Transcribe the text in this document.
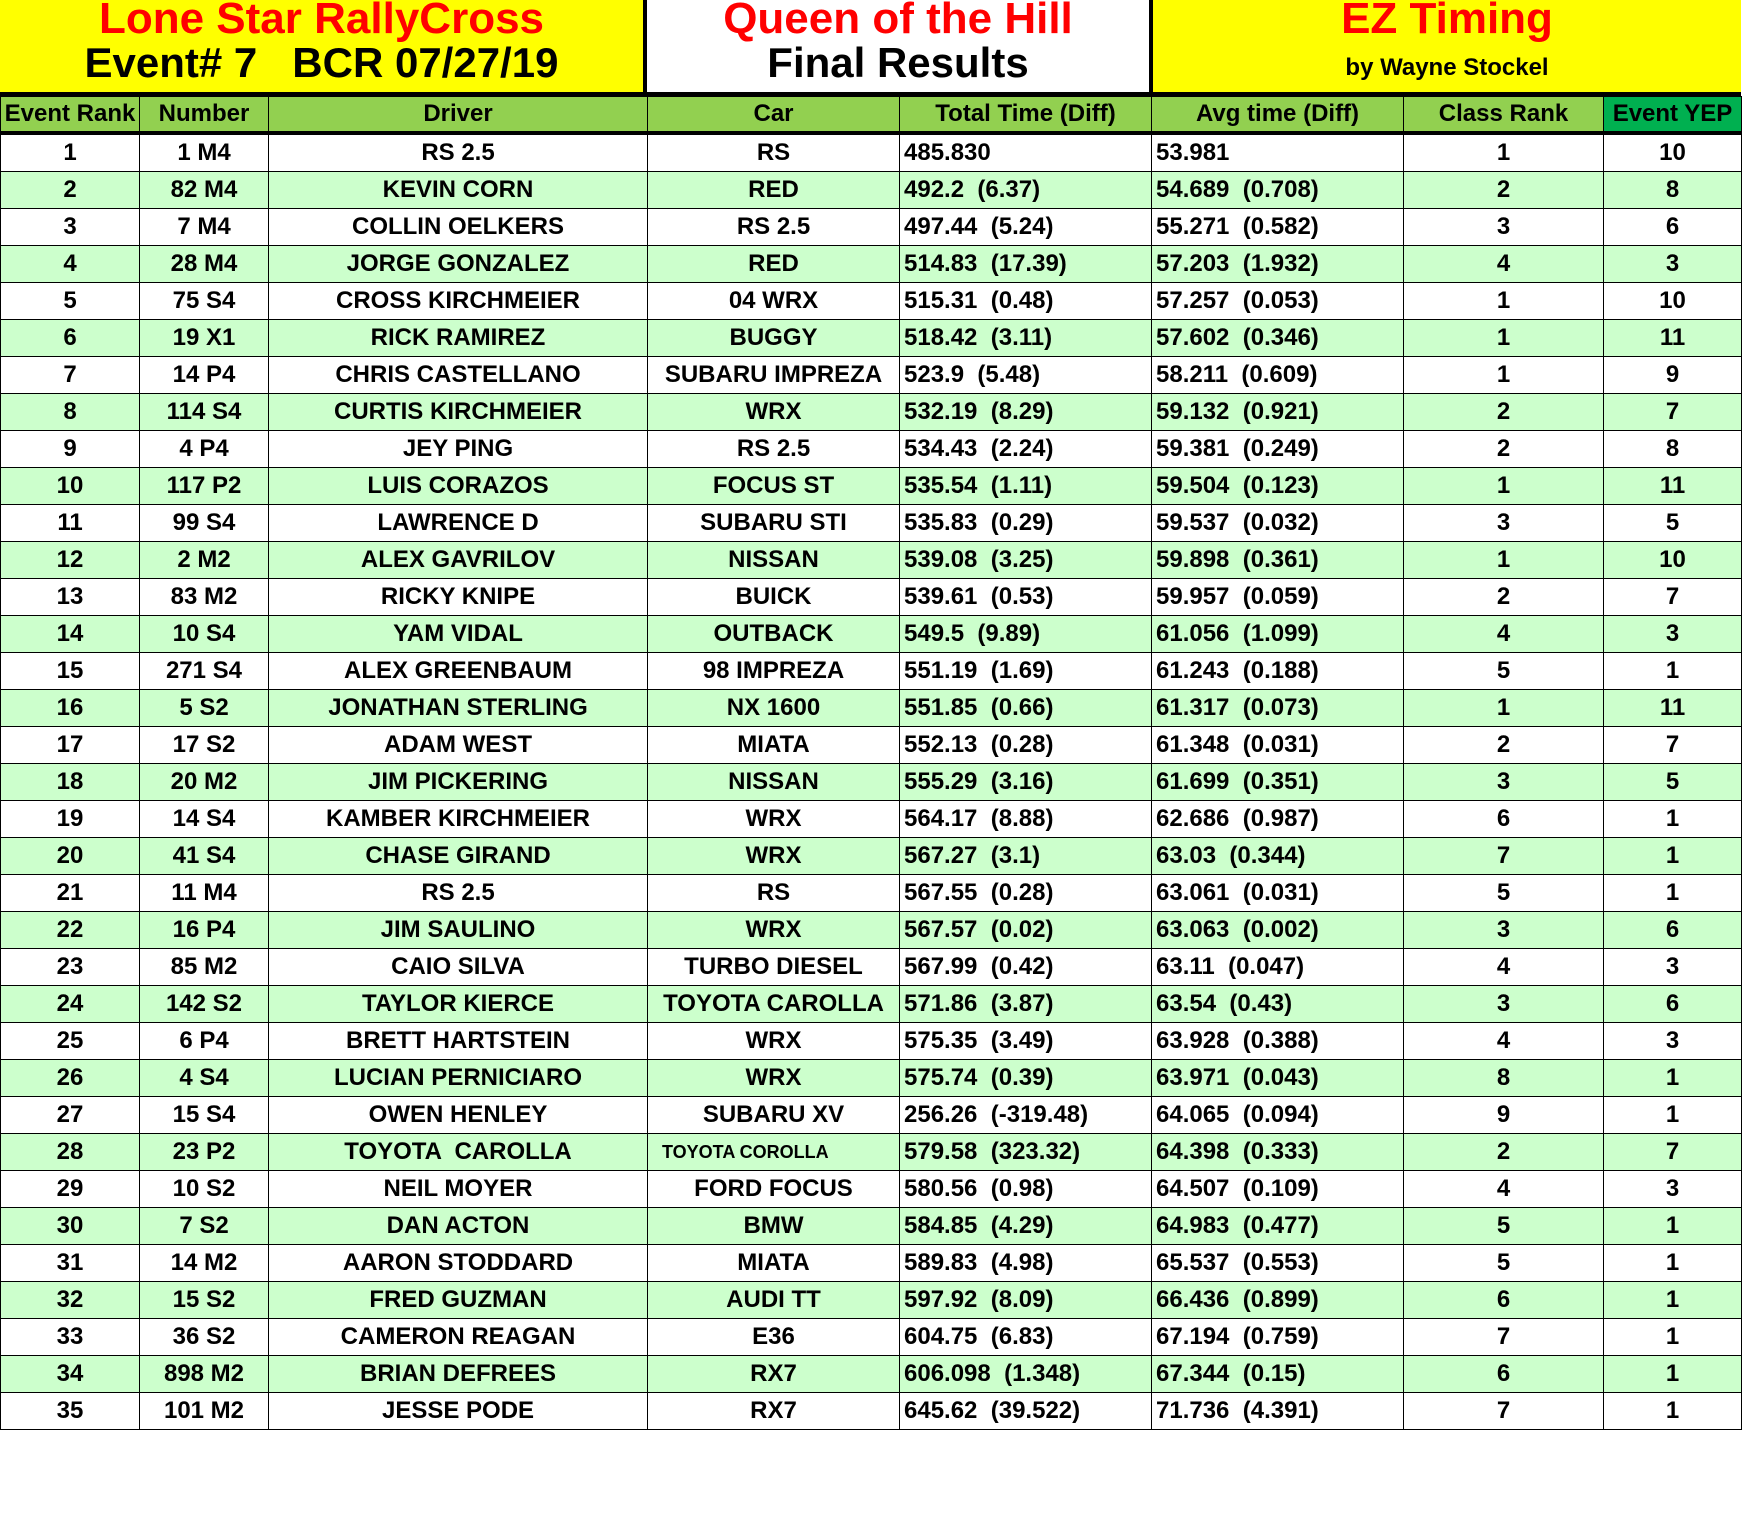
Lone Star RallyCross
Event# 7   BCR 07/27/19
Queen of the Hill
Final Results
EZ Timing
by Wayne Stockel
Event Rank	Number	Driver	Car	Total Time (Diff)	Avg time (Diff)	Class Rank	Event YEP
1	1 M4	RS 2.5	RS	485.830	53.981	1	10
2	82 M4	KEVIN CORN	RED	492.2  (6.37)	54.689  (0.708)	2	8
3	7 M4	COLLIN OELKERS	RS 2.5	497.44  (5.24)	55.271  (0.582)	3	6
4	28 M4	JORGE GONZALEZ	RED	514.83  (17.39)	57.203  (1.932)	4	3
5	75 S4	CROSS KIRCHMEIER	04 WRX	515.31  (0.48)	57.257  (0.053)	1	10
6	19 X1	RICK RAMIREZ	BUGGY	518.42  (3.11)	57.602  (0.346)	1	11
7	14 P4	CHRIS CASTELLANO	SUBARU IMPREZA	523.9  (5.48)	58.211  (0.609)	1	9
8	114 S4	CURTIS KIRCHMEIER	WRX	532.19  (8.29)	59.132  (0.921)	2	7
9	4 P4	JEY PING	RS 2.5	534.43  (2.24)	59.381  (0.249)	2	8
10	117 P2	LUIS CORAZOS	FOCUS ST	535.54  (1.11)	59.504  (0.123)	1	11
11	99 S4	LAWRENCE D	SUBARU STI	535.83  (0.29)	59.537  (0.032)	3	5
12	2 M2	ALEX GAVRILOV	NISSAN	539.08  (3.25)	59.898  (0.361)	1	10
13	83 M2	RICKY KNIPE	BUICK	539.61  (0.53)	59.957  (0.059)	2	7
14	10 S4	YAM VIDAL	OUTBACK	549.5  (9.89)	61.056  (1.099)	4	3
15	271 S4	ALEX GREENBAUM	98 IMPREZA	551.19  (1.69)	61.243  (0.188)	5	1
16	5 S2	JONATHAN STERLING	NX 1600	551.85  (0.66)	61.317  (0.073)	1	11
17	17 S2	ADAM WEST	MIATA	552.13  (0.28)	61.348  (0.031)	2	7
18	20 M2	JIM PICKERING	NISSAN	555.29  (3.16)	61.699  (0.351)	3	5
19	14 S4	KAMBER KIRCHMEIER	WRX	564.17  (8.88)	62.686  (0.987)	6	1
20	41 S4	CHASE GIRAND	WRX	567.27  (3.1)	63.03  (0.344)	7	1
21	11 M4	RS 2.5	RS	567.55  (0.28)	63.061  (0.031)	5	1
22	16 P4	JIM SAULINO	WRX	567.57  (0.02)	63.063  (0.002)	3	6
23	85 M2	CAIO SILVA	TURBO DIESEL	567.99  (0.42)	63.11  (0.047)	4	3
24	142 S2	TAYLOR KIERCE	TOYOTA CAROLLA	571.86  (3.87)	63.54  (0.43)	3	6
25	6 P4	BRETT HARTSTEIN	WRX	575.35  (3.49)	63.928  (0.388)	4	3
26	4 S4	LUCIAN PERNICIARO	WRX	575.74  (0.39)	63.971  (0.043)	8	1
27	15 S4	OWEN HENLEY	SUBARU XV	256.26  (-319.48)	64.065  (0.094)	9	1
28	23 P2	TOYOTA  CAROLLA	TOYOTA COROLLA	579.58  (323.32)	64.398  (0.333)	2	7
29	10 S2	NEIL MOYER	FORD FOCUS	580.56  (0.98)	64.507  (0.109)	4	3
30	7 S2	DAN ACTON	BMW	584.85  (4.29)	64.983  (0.477)	5	1
31	14 M2	AARON STODDARD	MIATA	589.83  (4.98)	65.537  (0.553)	5	1
32	15 S2	FRED GUZMAN	AUDI TT	597.92  (8.09)	66.436  (0.899)	6	1
33	36 S2	CAMERON REAGAN	E36	604.75  (6.83)	67.194  (0.759)	7	1
34	898 M2	BRIAN DEFREES	RX7	606.098  (1.348)	67.344  (0.15)	6	1
35	101 M2	JESSE PODE	RX7	645.62  (39.522)	71.736  (4.391)	7	1
